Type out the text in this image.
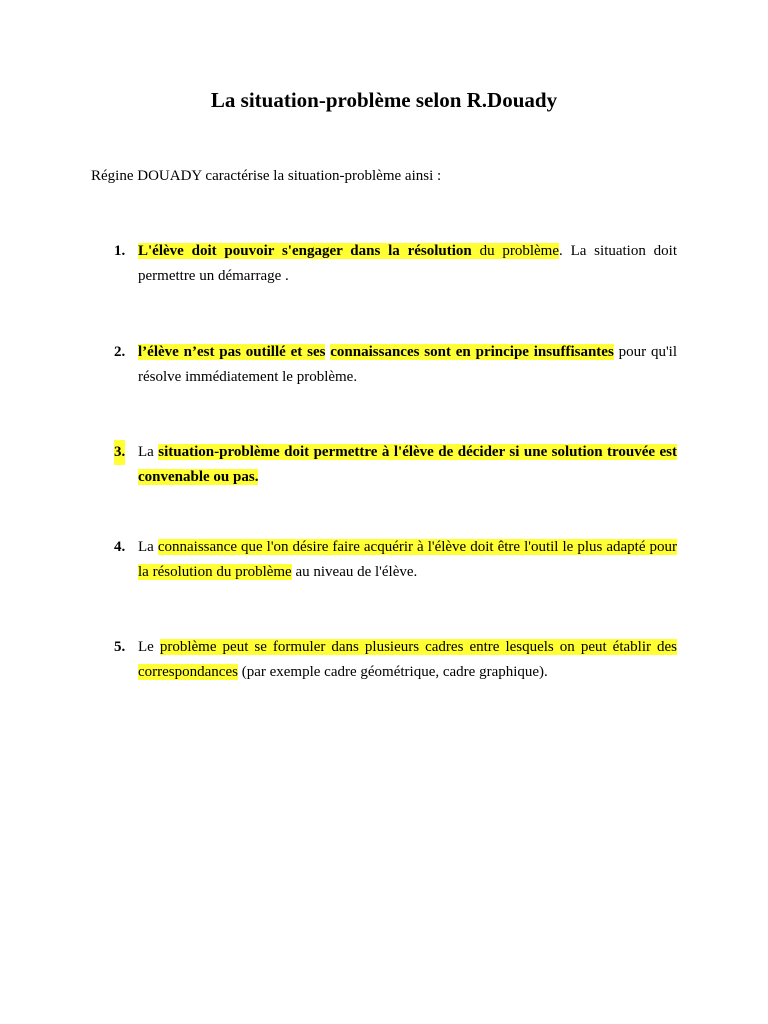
La situation-problème selon R.Douady

Régine DOUADY caractérise la situation-problème ainsi :

1. L'élève doit pouvoir s'engager dans la résolution du problème. La situation doit permettre un démarrage .

2. l’élève n’est pas outillé et ses connaissances sont en principe insuffisantes pour qu'il résolve immédiatement le problème.

3. La situation-problème doit permettre à l'élève de décider si une solution trouvée est convenable ou pas.

4. La connaissance que l'on désire faire acquérir à l'élève doit être l'outil le plus adapté pour la résolution du problème au niveau de l'élève.

5. Le problème peut se formuler dans plusieurs cadres entre lesquels on peut établir des correspondances (par exemple cadre géométrique, cadre graphique).
